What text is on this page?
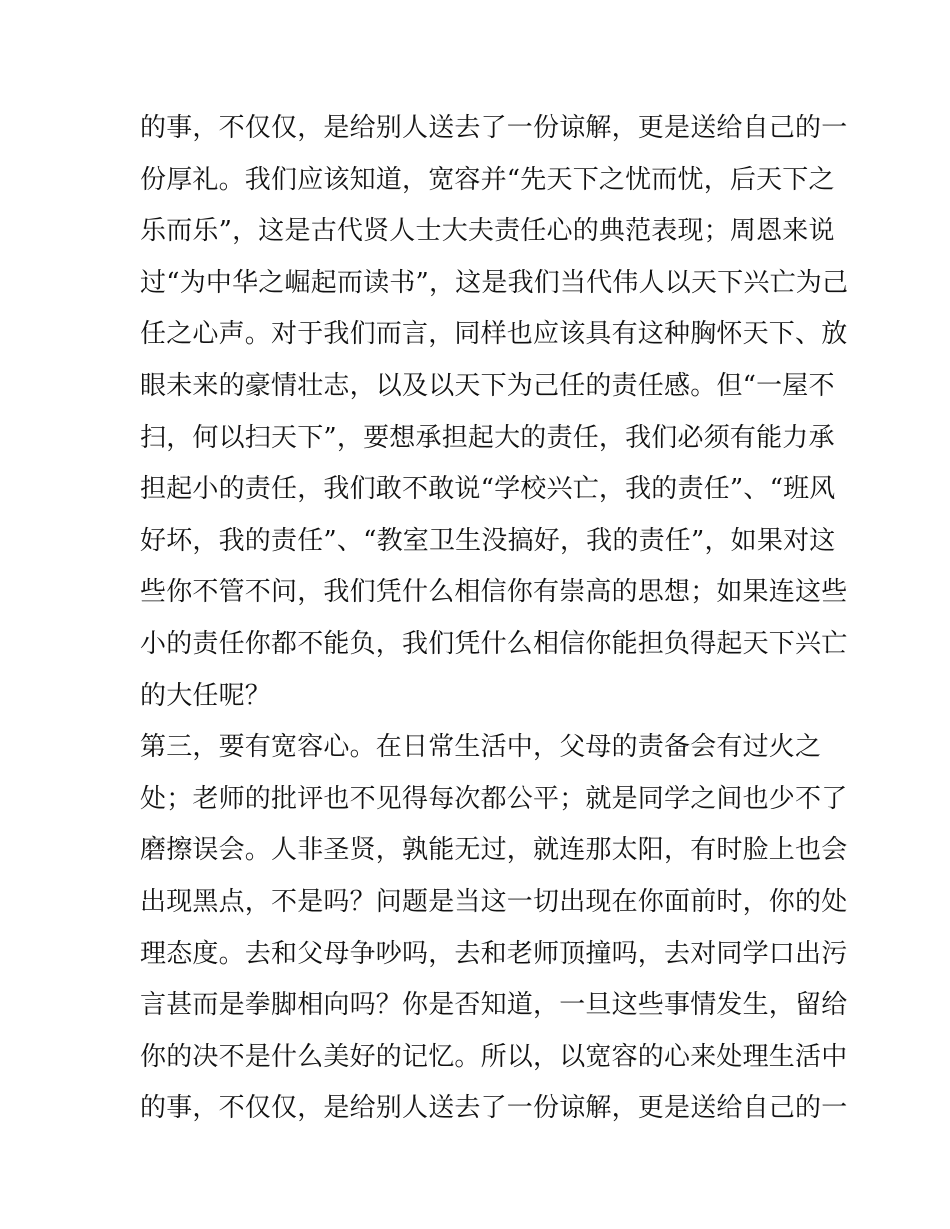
的事，不仅仅，是给别人送去了一份谅解，更是送给自己的一
份厚礼。我们应该知道，宽容并“先天下之忧而忧，后天下之
乐而乐”，这是古代贤人士大夫责任心的典范表现；周恩来说
过“为中华之崛起而读书”，这是我们当代伟人以天下兴亡为己
任之心声。对于我们而言，同样也应该具有这种胸怀天下、放
眼未来的豪情壮志，以及以天下为己任的责任感。但“一屋不
扫，何以扫天下”，要想承担起大的责任，我们必须有能力承
担起小的责任，我们敢不敢说“学校兴亡，我的责任”、“班风
好坏，我的责任”、“教室卫生没搞好，我的责任”，如果对这
些你不管不问，我们凭什么相信你有崇高的思想；如果连这些
小的责任你都不能负，我们凭什么相信你能担负得起天下兴亡
的大任呢？
第三，要有宽容心。在日常生活中，父母的责备会有过火之
处；老师的批评也不见得每次都公平；就是同学之间也少不了
磨擦误会。人非圣贤，孰能无过，就连那太阳，有时脸上也会
出现黑点，不是吗？问题是当这一切出现在你面前时，你的处
理态度。去和父母争吵吗，去和老师顶撞吗，去对同学口出污
言甚而是拳脚相向吗？你是否知道，一旦这些事情发生，留给
你的决不是什么美好的记忆。所以，以宽容的心来处理生活中
的事，不仅仅，是给别人送去了一份谅解，更是送给自己的一
